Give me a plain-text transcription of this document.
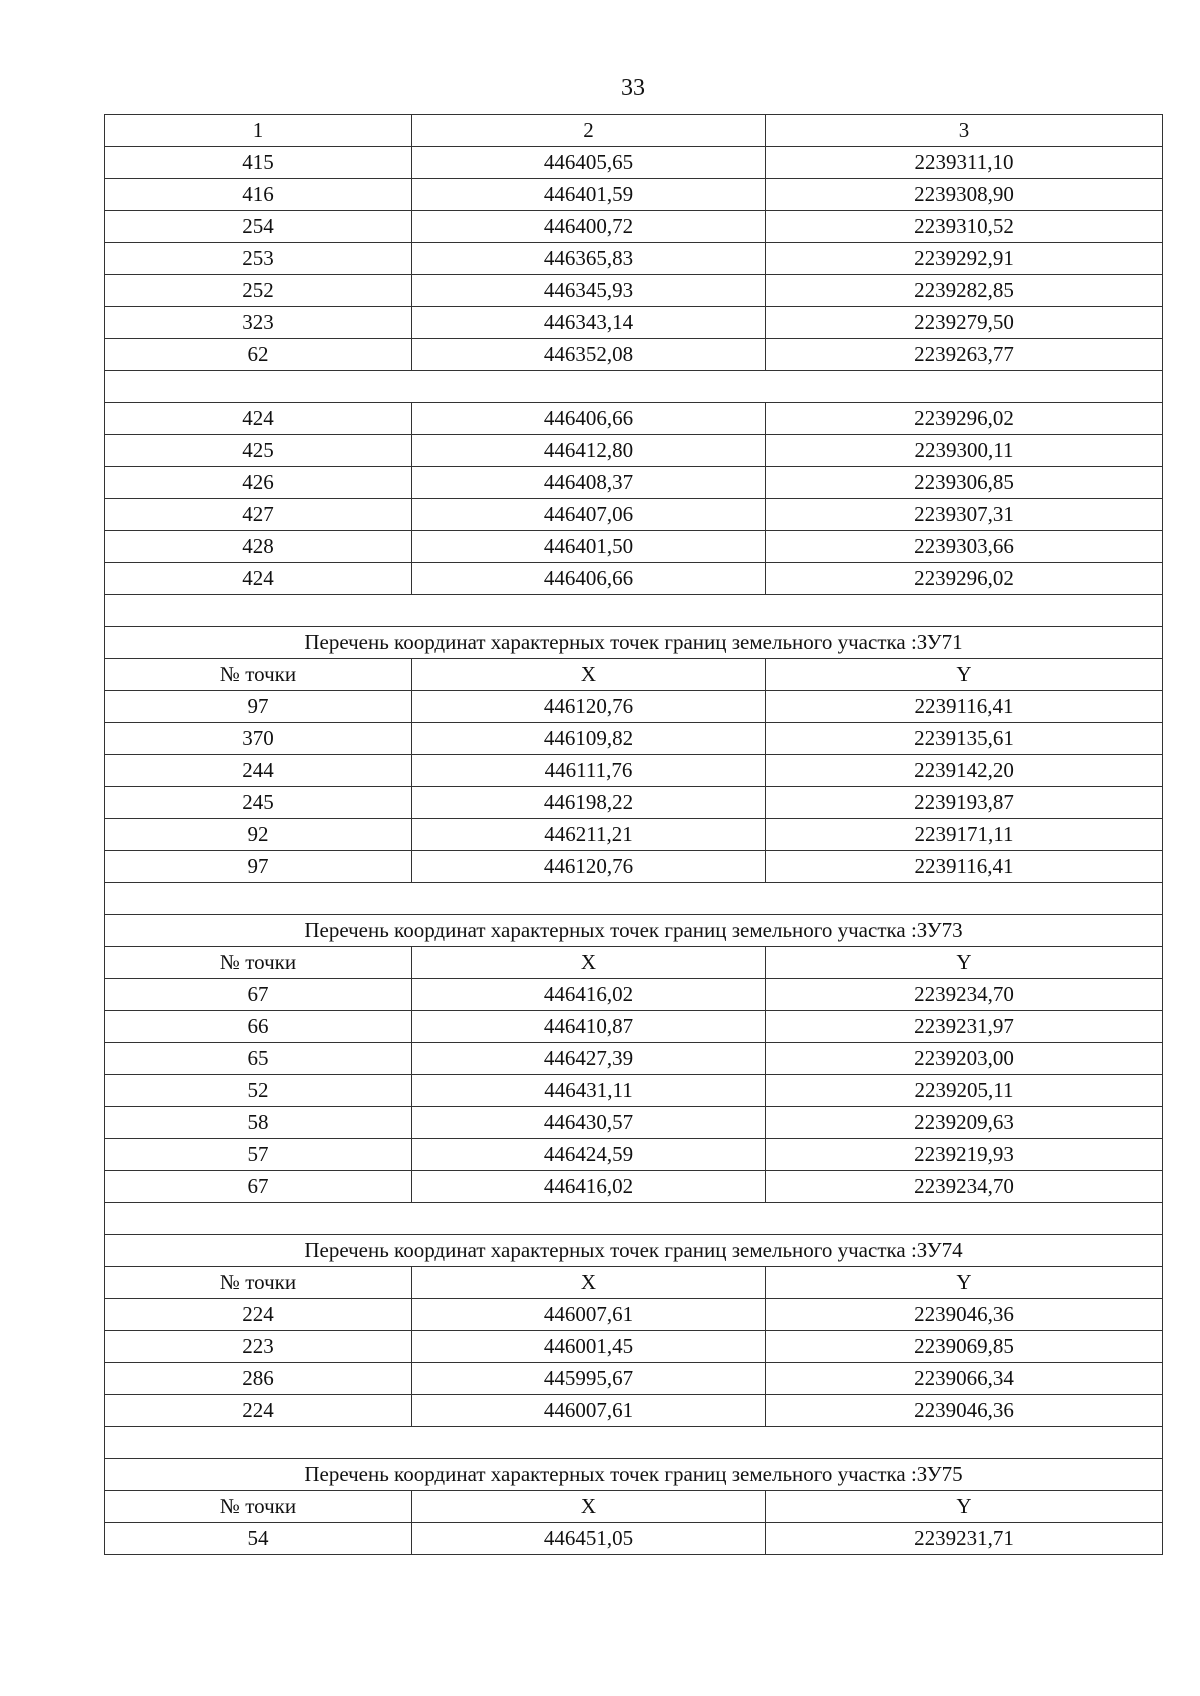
33
1	2	3
415	446405,65	2239311,10
416	446401,59	2239308,90
254	446400,72	2239310,52
253	446365,83	2239292,91
252	446345,93	2239282,85
323	446343,14	2239279,50
62	446352,08	2239263,77

424	446406,66	2239296,02
425	446412,80	2239300,11
426	446408,37	2239306,85
427	446407,06	2239307,31
428	446401,50	2239303,66
424	446406,66	2239296,02

Перечень координат характерных точек границ земельного участка :ЗУ71		
№ точки	X	Y
97	446120,76	2239116,41
370	446109,82	2239135,61
244	446111,76	2239142,20
245	446198,22	2239193,87
92	446211,21	2239171,11
97	446120,76	2239116,41

Перечень координат характерных точек границ земельного участка :ЗУ73		
№ точки	X	Y
67	446416,02	2239234,70
66	446410,87	2239231,97
65	446427,39	2239203,00
52	446431,11	2239205,11
58	446430,57	2239209,63
57	446424,59	2239219,93
67	446416,02	2239234,70

Перечень координат характерных точек границ земельного участка :ЗУ74		
№ точки	X	Y
224	446007,61	2239046,36
223	446001,45	2239069,85
286	445995,67	2239066,34
224	446007,61	2239046,36

Перечень координат характерных точек границ земельного участка :ЗУ75		
№ точки	X	Y
54	446451,05	2239231,71
